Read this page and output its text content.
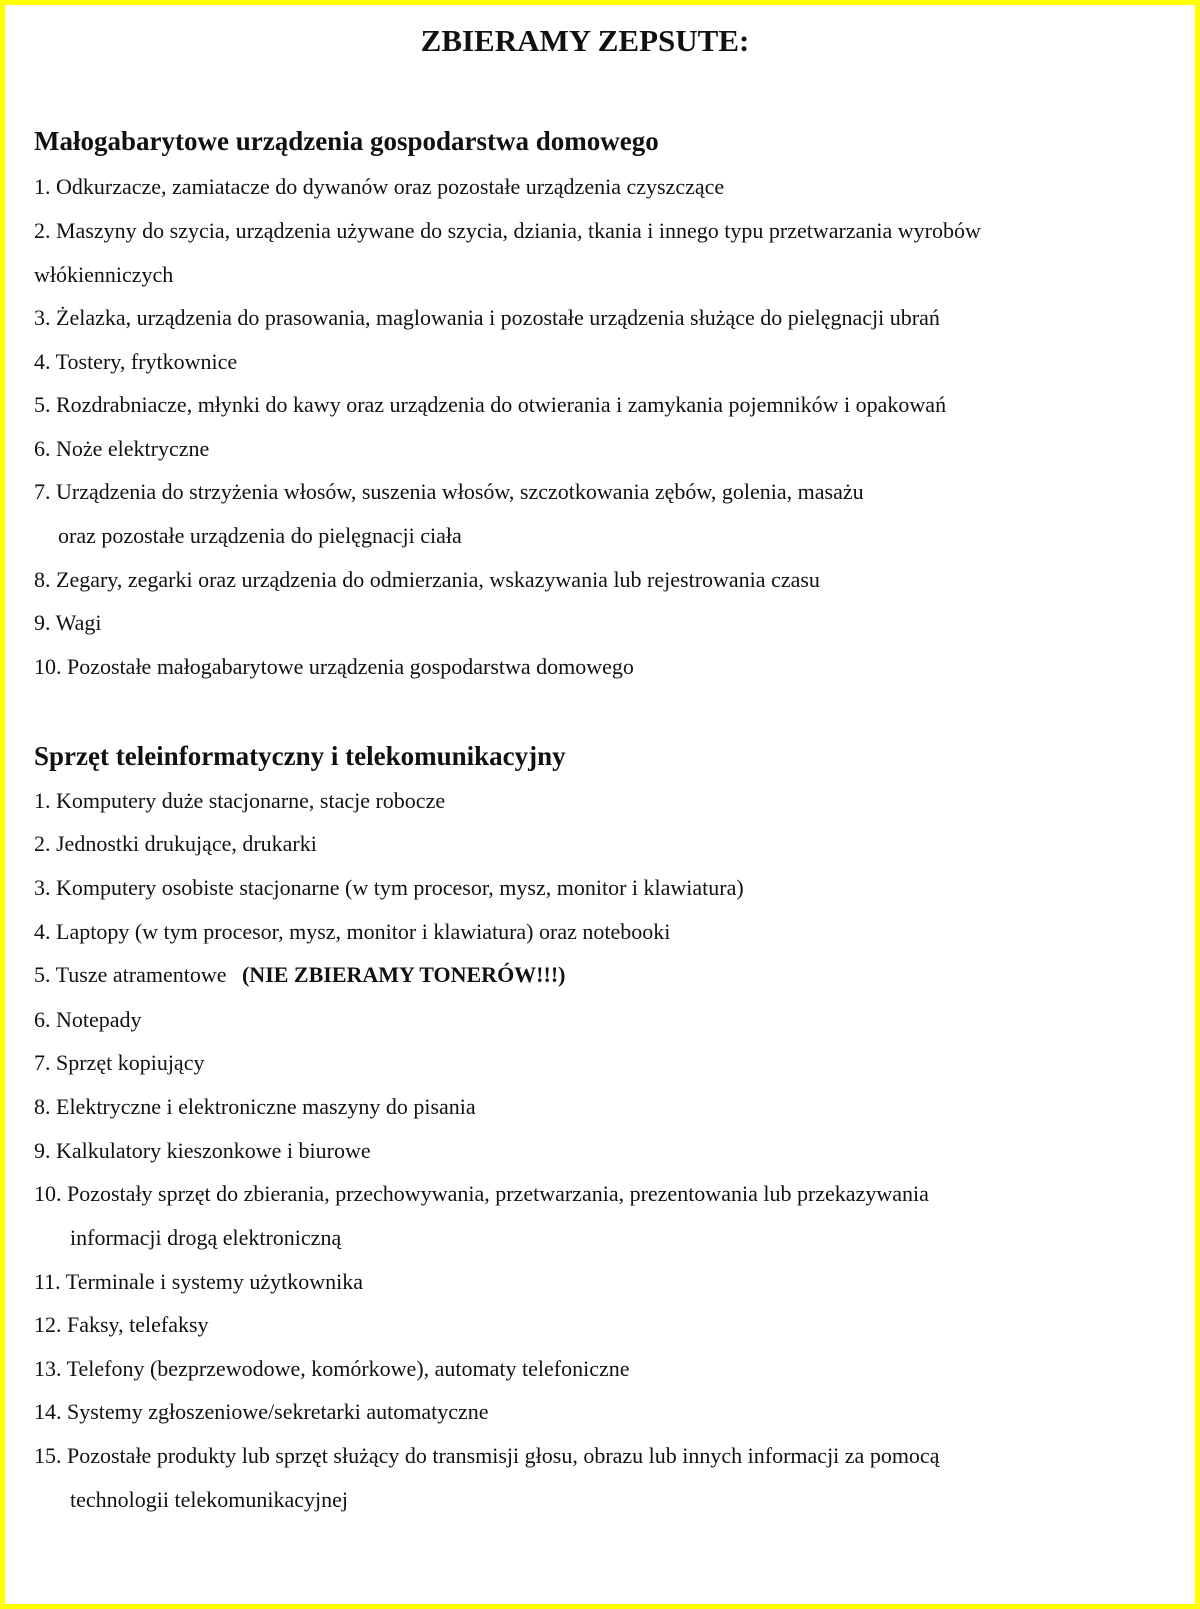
ZBIERAMY ZEPSUTE:
Małogabarytowe urządzenia gospodarstwa domowego

1. Odkurzacze, zamiatacze do dywanów oraz pozostałe urządzenia czyszczące

2. Maszyny do szycia, urządzenia używane do szycia, dziania, tkania i innego typu przetwarzania wyrobów
włókienniczych

3. Żelazka, urządzenia do prasowania, maglowania i pozostałe urządzenia służące do pielęgnacji ubrań

4. Tostery, frytkownice

5. Rozdrabniacze, młynki do kawy oraz urządzenia do otwierania i zamykania pojemników i opakowań

6. Noże elektryczne

7. Urządzenia do strzyżenia włosów, suszenia włosów, szczotkowania zębów, golenia, masażu
oraz pozostałe urządzenia do pielęgnacji ciała

8. Zegary, zegarki oraz urządzenia do odmierzania, wskazywania lub rejestrowania czasu

9. Wagi

10. Pozostałe małogabarytowe urządzenia gospodarstwa domowego

Sprzęt teleinformatyczny i telekomunikacyjny

1. Komputery duże stacjonarne, stacje robocze

2. Jednostki drukujące, drukarki

3. Komputery osobiste stacjonarne (w tym procesor, mysz, monitor i klawiatura)

4. Laptopy (w tym procesor, mysz, monitor i klawiatura) oraz notebooki

5. Tusze atramentowe (NIE ZBIERAMY TONERÓW!!!)

6. Notepady

7. Sprzęt kopiujący

8. Elektryczne i elektroniczne maszyny do pisania

9. Kalkulatory kieszonkowe i biurowe

10. Pozostały sprzęt do zbierania, przechowywania, przetwarzania, prezentowania lub przekazywania
informacji drogą elektroniczną

11. Terminale i systemy użytkownika

12. Faksy, telefaksy

13. Telefony (bezprzewodowe, komórkowe), automaty telefoniczne

14. Systemy zgłoszeniowe/sekretarki automatyczne

15. Pozostałe produkty lub sprzęt służący do transmisji głosu, obrazu lub innych informacji za pomocą
technologii telekomunikacyjnej
